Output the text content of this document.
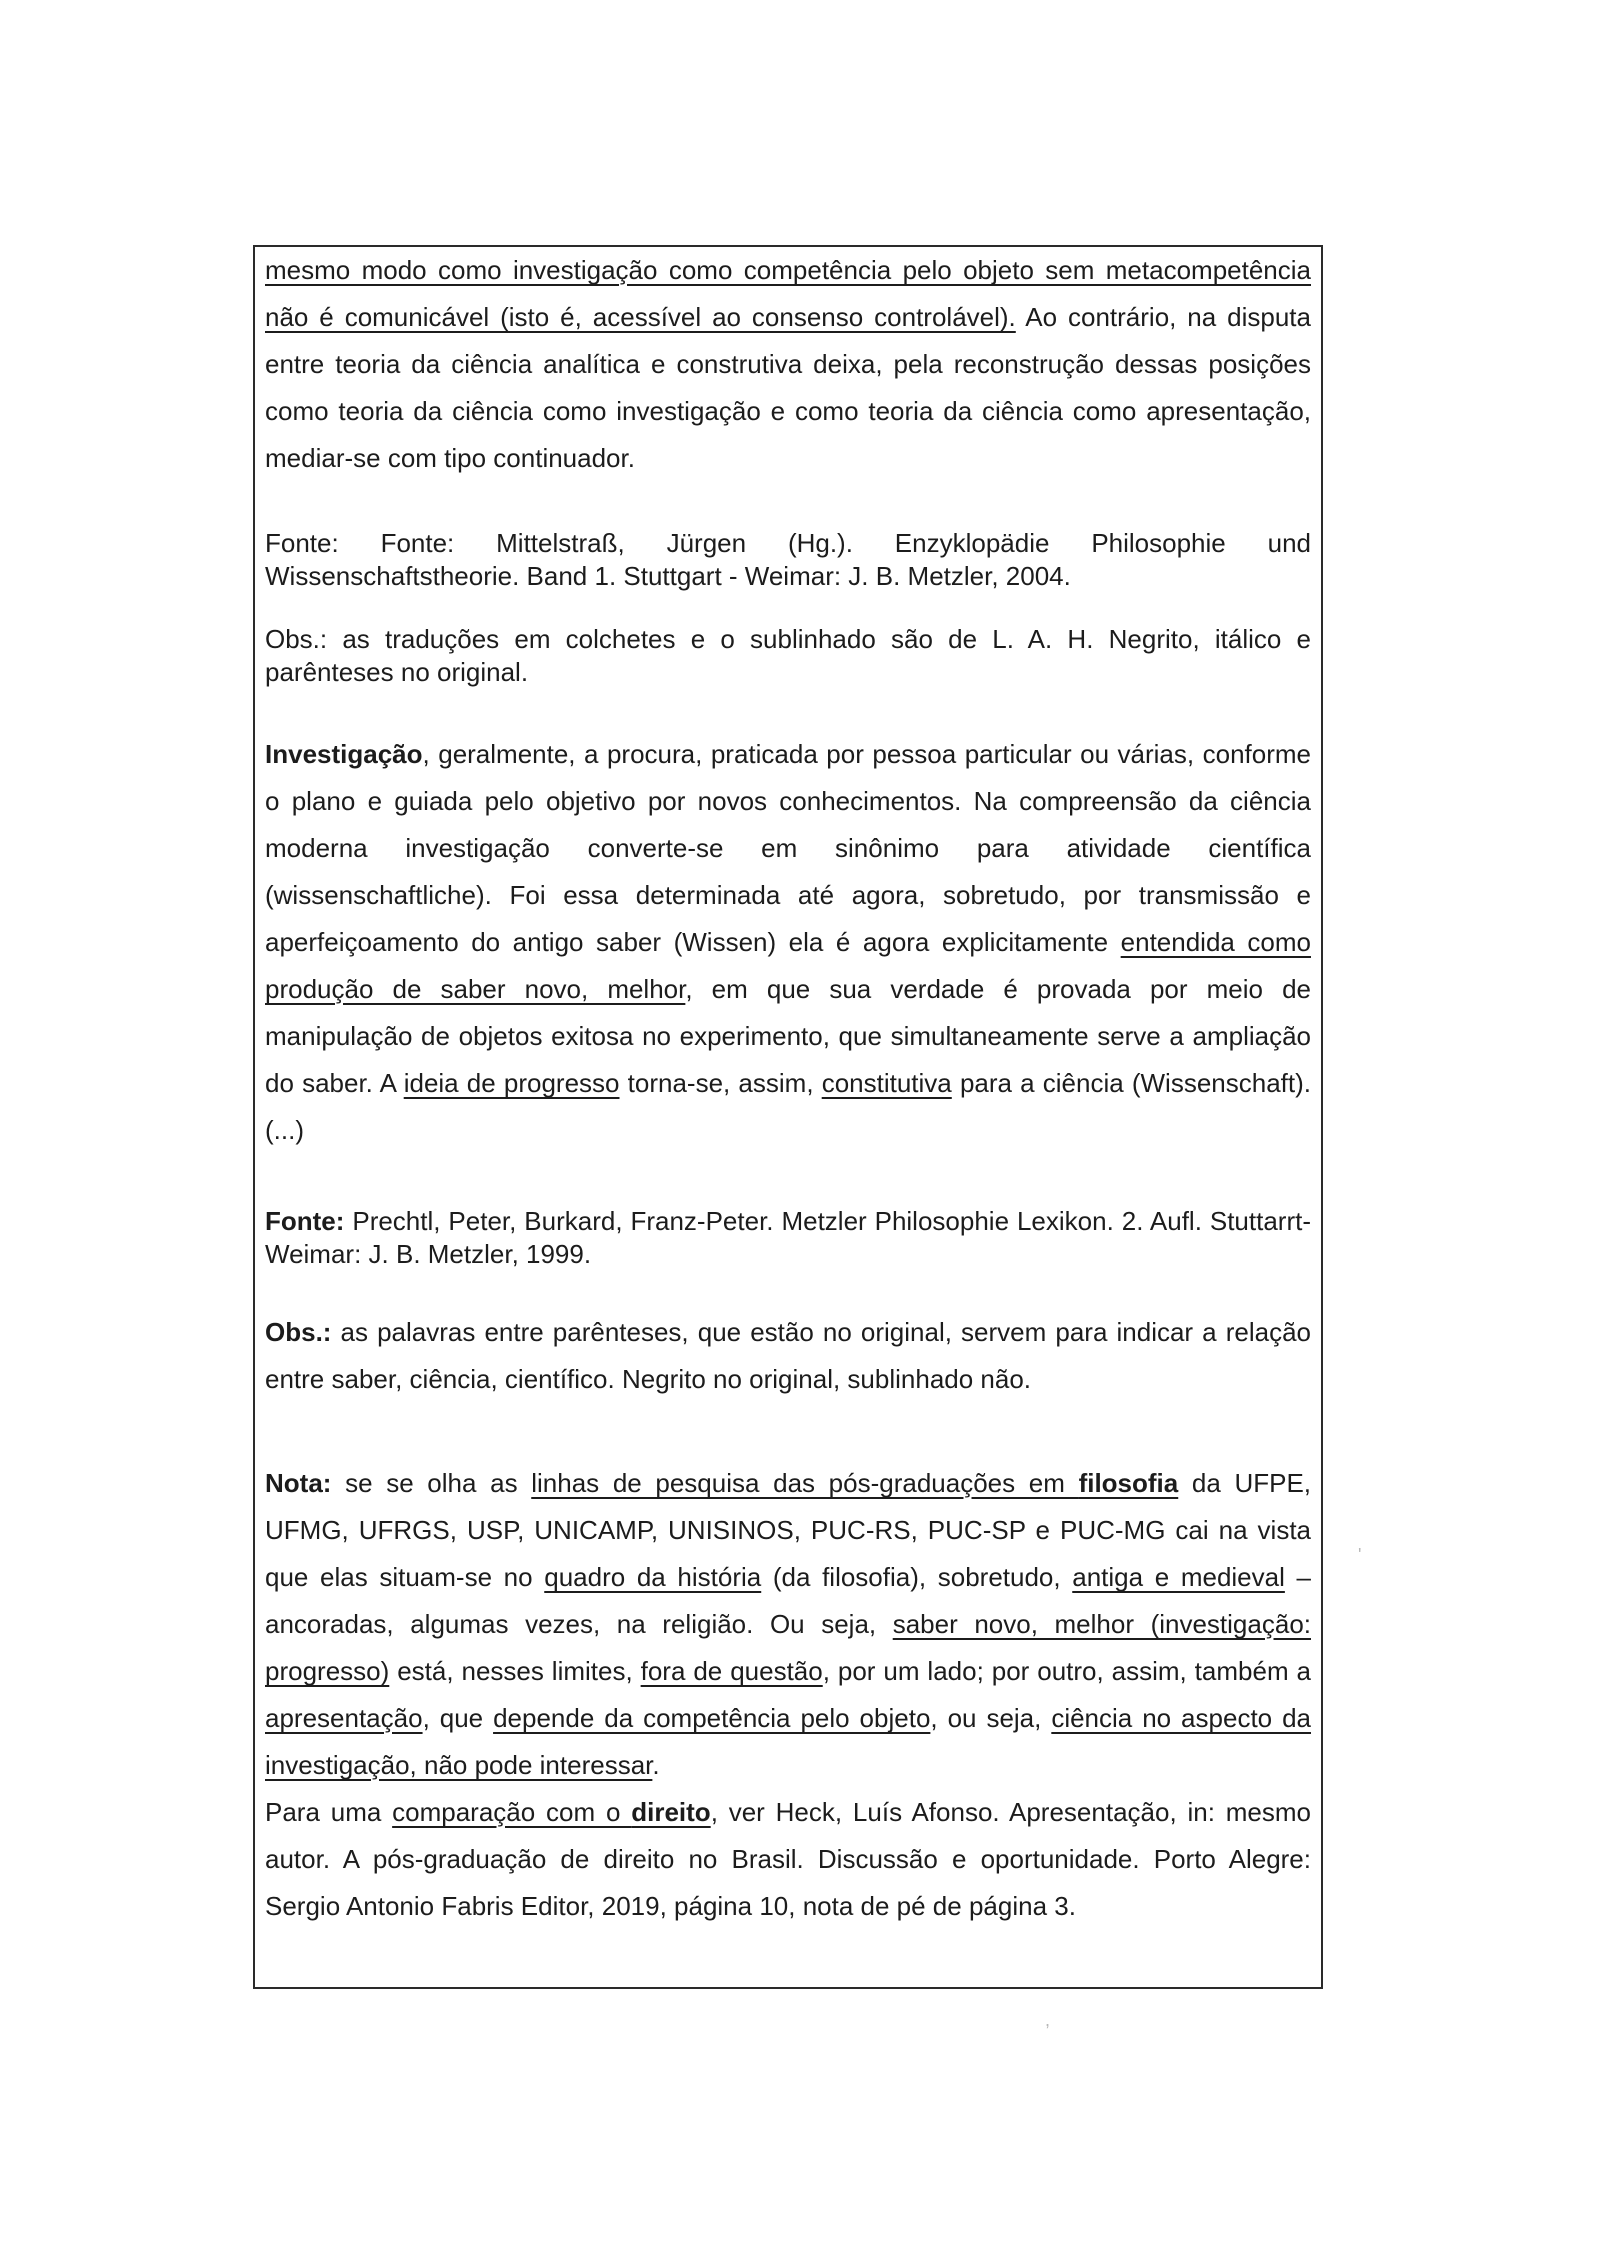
mesmo modo como investigação como competência pelo objeto sem metacompetência não é comunicável (isto é, acessível ao consenso controlável). Ao contrário, na disputa entre teoria da ciência analítica e construtiva deixa, pela reconstrução dessas posições como teoria da ciência como investigação e como teoria da ciência como apresentação, mediar-se com tipo continuador.
Fonte: Fonte: Mittelstraß, Jürgen (Hg.). Enzyklopädie Philosophie und Wissenschaftstheorie. Band 1. Stuttgart - Weimar: J. B. Metzler, 2004.
Obs.: as traduções em colchetes e o sublinhado são de L. A. H. Negrito, itálico e parênteses no original.
Investigação, geralmente, a procura, praticada por pessoa particular ou várias, conforme o plano e guiada pelo objetivo por novos conhecimentos. Na compreensão da ciência moderna investigação converte-se em sinônimo para atividade científica (wissenschaftliche). Foi essa determinada até agora, sobretudo, por transmissão e aperfeiçoamento do antigo saber (Wissen) ela é agora explicitamente entendida como produção de saber novo, melhor, em que sua verdade é provada por meio de manipulação de objetos exitosa no experimento, que simultaneamente serve a ampliação do saber. A ideia de progresso torna-se, assim, constitutiva para a ciência (Wissenschaft). (...)
Fonte: Prechtl, Peter, Burkard, Franz-Peter. Metzler Philosophie Lexikon. 2. Aufl. Stuttarrt-Weimar: J. B. Metzler, 1999.
Obs.: as palavras entre parênteses, que estão no original, servem para indicar a relação entre saber, ciência, científico. Negrito no original, sublinhado não.
Nota: se se olha as linhas de pesquisa das pós-graduações em filosofia da UFPE, UFMG, UFRGS, USP, UNICAMP, UNISINOS, PUC-RS, PUC-SP e PUC-MG cai na vista que elas situam-se no quadro da história (da filosofia), sobretudo, antiga e medieval – ancoradas, algumas vezes, na religião. Ou seja, saber novo, melhor (investigação: progresso) está, nesses limites, fora de questão, por um lado; por outro, assim, também a apresentação, que depende da competência pelo objeto, ou seja, ciência no aspecto da investigação, não pode interessar.
Para uma comparação com o direito, ver Heck, Luís Afonso. Apresentação, in: mesmo autor. A pós-graduação de direito no Brasil. Discussão e oportunidade. Porto Alegre: Sergio Antonio Fabris Editor, 2019, página 10, nota de pé de página 3.
'
,
